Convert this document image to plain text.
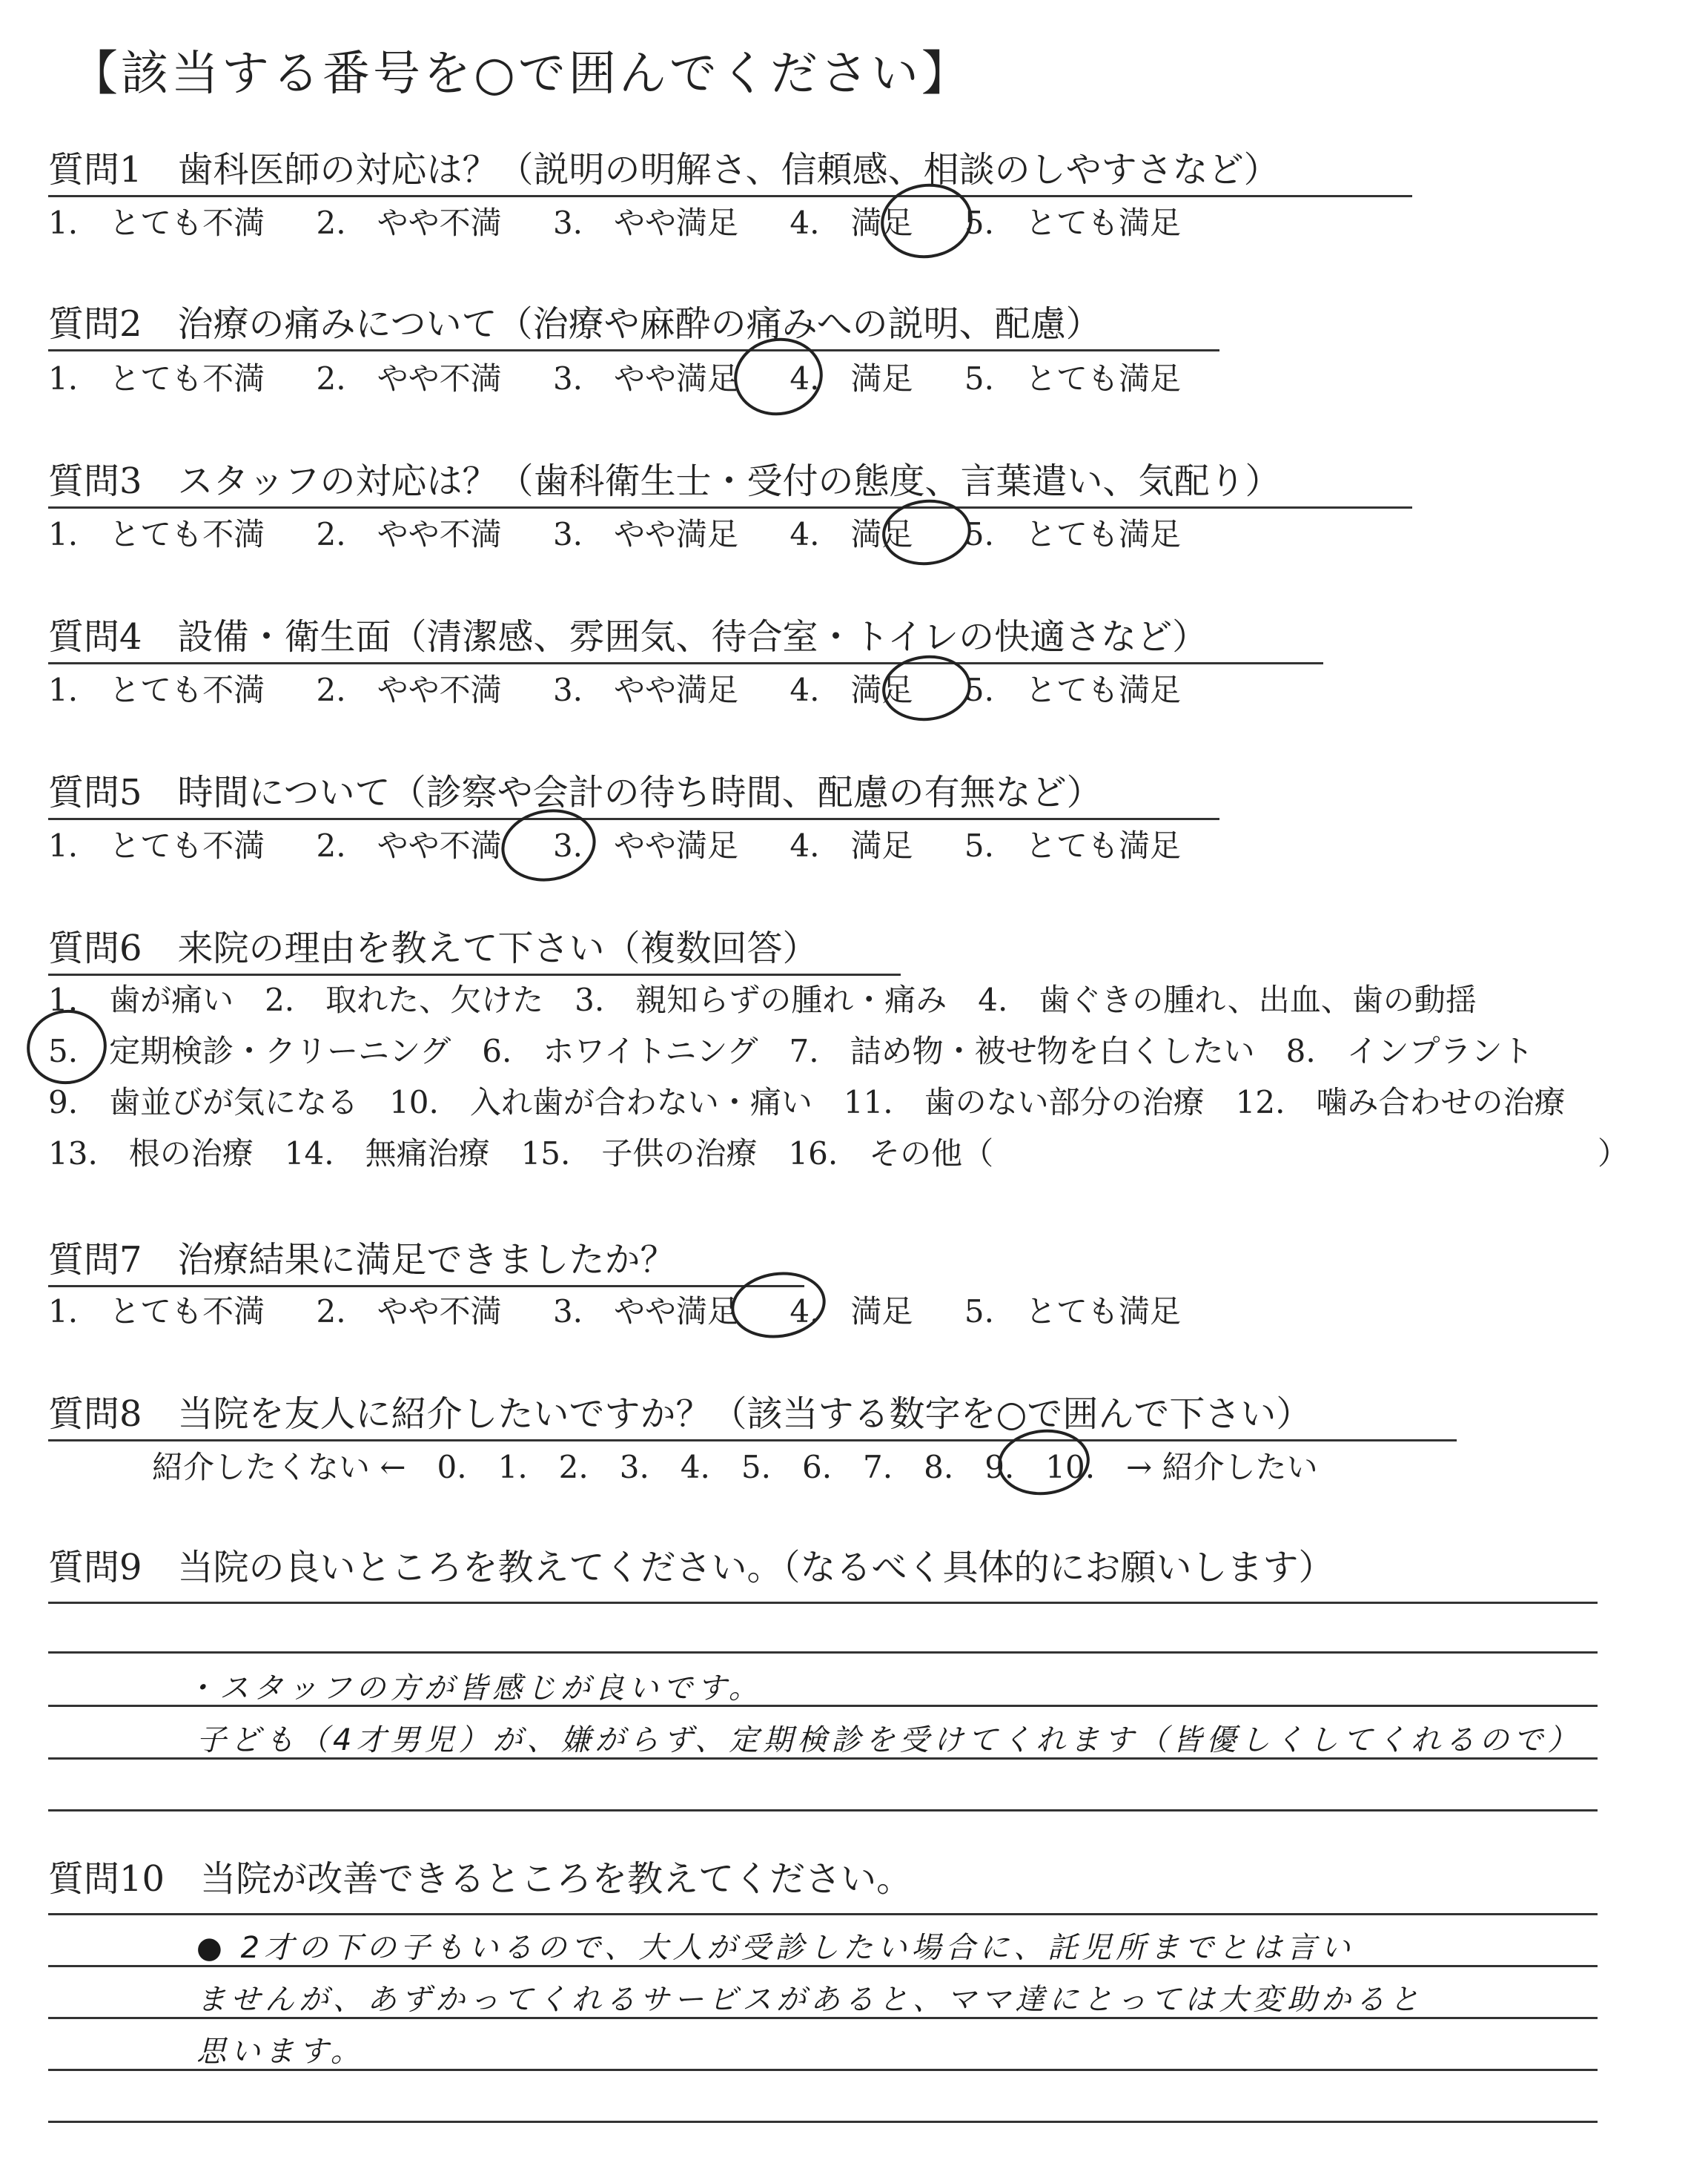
【該当する番号を○で囲んでください】
質問1　歯科医師の対応は？（説明の明解さ、信頼感、相談のしやすさなど）
1.　 とても不満 2.　 やや不満 3.　 やや満足 4.　 満足 5.　 とても満足
質問2　治療の痛みについて（治療や麻酔の痛みへの説明、配慮）
1.　 とても不満 2.　 やや不満 3.　 やや満足 4.　 満足 5.　 とても満足
質問3　スタッフの対応は？（歯科衛生士・受付の態度、言葉遣い、気配り）
1.　 とても不満 2.　 やや不満 3.　 やや満足 4.　 満足 5.　 とても満足
質問4　設備・衛生面（清潔感、雰囲気、待合室・トイレの快適さなど）
1.　 とても不満 2.　 やや不満 3.　 やや満足 4.　 満足 5.　 とても満足
質問5　時間について（診察や会計の待ち時間、配慮の有無など）
1.　 とても不満 2.　 やや不満 3.　 やや満足 4.　 満足 5.　 とても満足
質問6　来院の理由を教えて下さい（複数回答）
1.　歯が痛い　2.　取れた、欠けた　3.　親知らずの腫れ・痛み　4.　歯ぐきの腫れ、出血、歯の動揺
5.　定期検診・クリーニング　6.　ホワイトニング　7.　詰め物・被せ物を白くしたい　8.　インプラント
9.　歯並びが気になる　10.　入れ歯が合わない・痛い　11.　歯のない部分の治療　12.　噛み合わせの治療
13.　根の治療　14.　無痛治療　15.　子供の治療　16.　その他（	）
質問7　治療結果に満足できましたか？
1.　 とても不満 2.　 やや不満 3.　 やや満足 4.　 満足 5.　 とても満足
質問8　当院を友人に紹介したいですか？（該当する数字を○で囲んで下さい）
紹介したくない ←　0.　1.　2.　3.　4.　5.　6.　7.　8.　9.　10.　→ 紹介したい
質問9　当院の良いところを教えてください。（なるべく具体的にお願いします）
・スタッフの方が皆感じが良いです。
子ども（4才男児）が、嫌がらず、定期検診を受けてくれます（皆優しくしてくれるので）
質問10　当院が改善できるところを教えてください。
● 2才の下の子もいるので、大人が受診したい場合に、託児所までとは言い
ませんが、あずかってくれるサービスがあると、ママ達にとっては大変助かると
思います。
